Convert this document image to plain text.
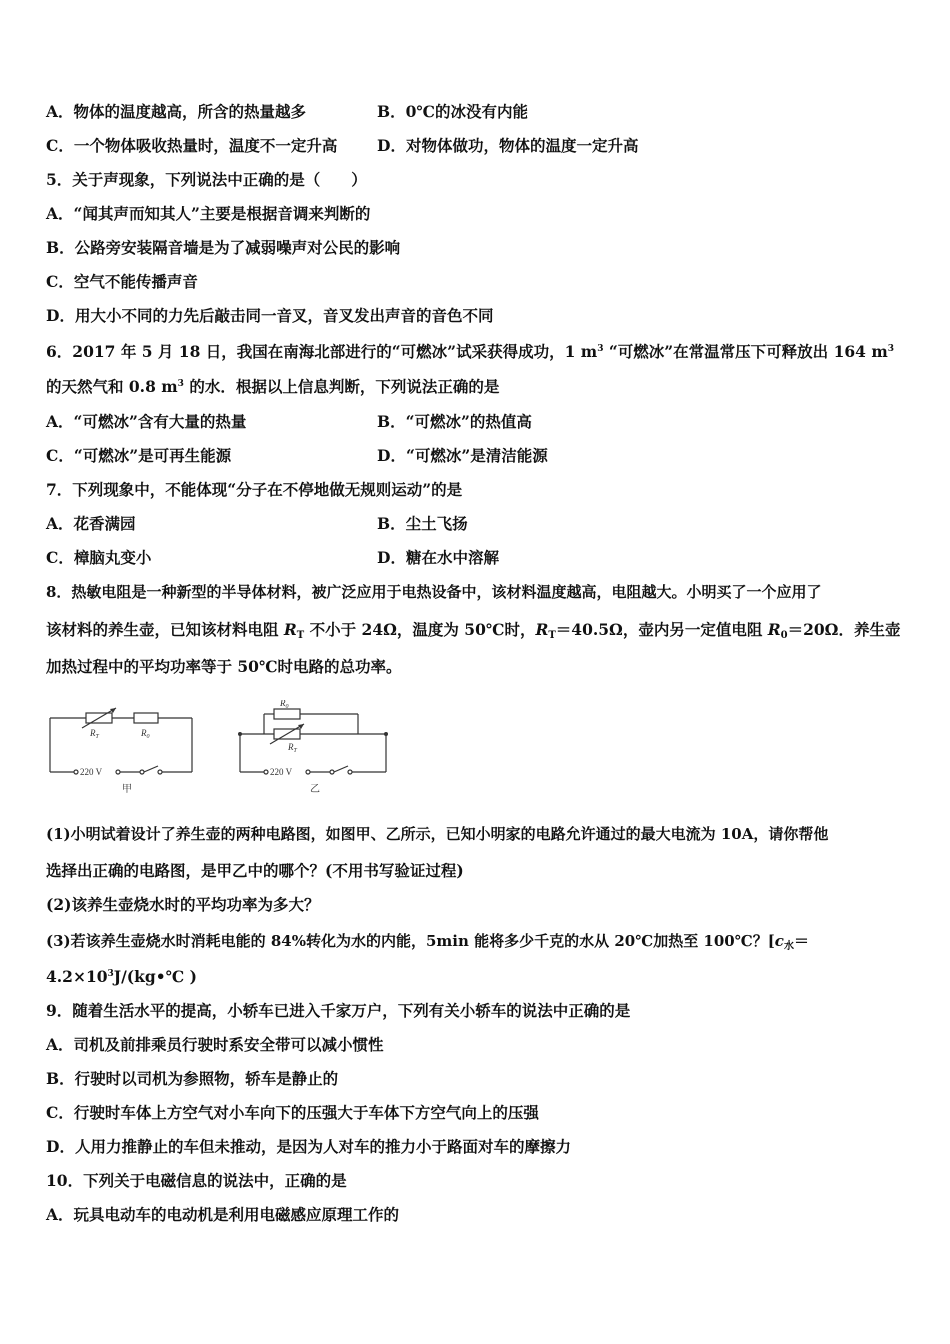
A．物体的温度越高，所含的热量越多	B．0℃的冰没有内能
C．一个物体吸收热量时，温度不一定升高	D．对物体做功，物体的温度一定升高
5．关于声现象，下列说法中正确的是（　　）
A．“闻其声而知其人”主要是根据音调来判断的
B．公路旁安装隔音墙是为了减弱噪声对公民的影响
C．空气不能传播声音
D．用大小不同的力先后敲击同一音叉，音叉发出声音的音色不同
6．2017 年 5 月 18 日，我国在南海北部进行的“可燃冰”试采获得成功，1 $m^3$ “可燃冰”在常温常压下可释放出 164 $m^3$
的天然气和 0.8 $m^3$ 的水．根据以上信息判断，下列说法正确的是
A．“可燃冰”含有大量的热量	B．“可燃冰”的热值高
C．“可燃冰”是可再生能源	D．“可燃冰”是清洁能源
7．下列现象中，不能体现“分子在不停地做无规则运动”的是
A．花香满园	B．尘土飞扬
C．樟脑丸变小	D．糖在水中溶解
8．热敏电阻是一种新型的半导体材料，被广泛应用于电热设备中，该材料温度越高，电阻越大。小明买了一个应用了
该材料的养生壶，已知该材料电阻 $R_T$ 不小于 24Ω，温度为 50℃时，$R_T=40.5\Omega$，壶内另一定值电阻 $R_0=20\Omega$．养生壶
加热过程中的平均功率等于 50℃时电路的总功率。
$R_T$	$R_0$
220 V
甲
$R_0$
$R_T$
220 V
乙
(1)小明试着设计了养生壶的两种电路图，如图甲、乙所示，已知小明家的电路允许通过的最大电流为 10A，请你帮他
选择出正确的电路图，是甲乙中的哪个？(不用书写验证过程)
(2)该养生壶烧水时的平均功率为多大？
(3)若该养生壶烧水时消耗电能的 84%转化为水的内能，5min 能将多少千克的水从 20℃加热至 100℃？[$c_水=$
$4.2\times 10^3J/(kg•℃$ )
9．随着生活水平的提高，小轿车已进入千家万户，下列有关小轿车的说法中正确的是
A．司机及前排乘员行驶时系安全带可以减小惯性
B．行驶时以司机为参照物，轿车是静止的
C．行驶时车体上方空气对小车向下的压强大于车体下方空气向上的压强
D．人用力推静止的车但未推动，是因为人对车的推力小于路面对车的摩擦力
10．下列关于电磁信息的说法中，正确的是
A．玩具电动车的电动机是利用电磁感应原理工作的
